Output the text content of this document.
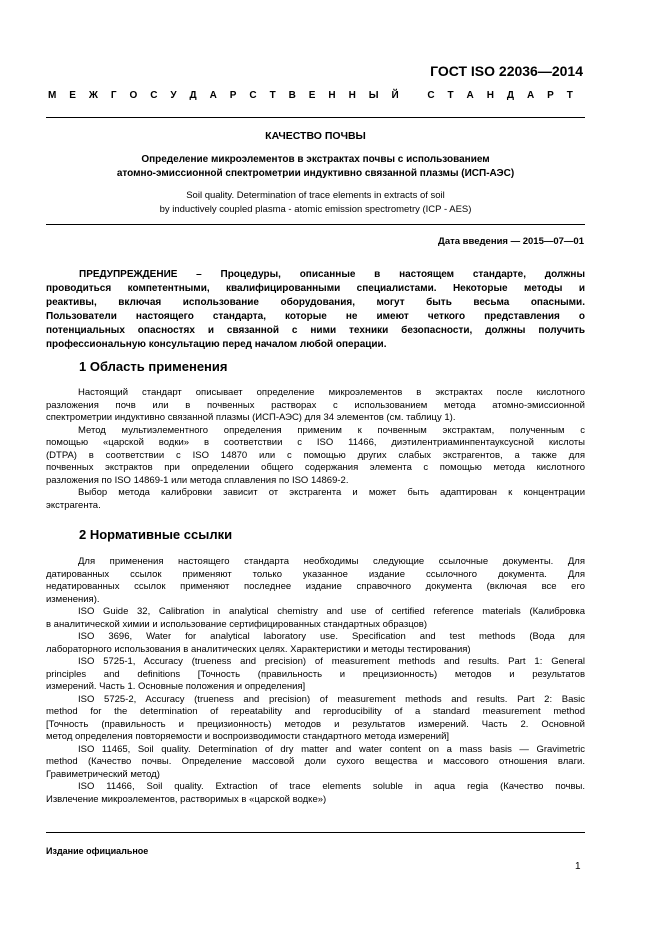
ГОСТ ISO 22036—2014
М Е Ж Г О С У Д А Р С Т В Е Н Н Ы Й
	С Т А Н Д А Р Т
КАЧЕСТВО ПОЧВЫ
Определение микроэлементов в экстрактах почвы с использованием
атомно-эмиссионной спектрометрии индуктивно связанной плазмы (ИСП-АЭС)
Soil quality. Determination of trace elements in extracts of soil
by inductively coupled plasma - atomic emission spectrometry (ICP - AES)
Дата введения — 2015—07—01
ПРЕДУПРЕЖДЕНИЕ – Процедуры, описанные в настоящем стандарте, должны
проводиться компетентными, квалифицированными специалистами. Некоторые методы и
реактивы, включая использование оборудования, могут быть весьма опасными.
Пользователи настоящего стандарта, которые не имеют четкого представления о
потенциальных опасностях и связанной с ними техники безопасности, должны получить
профессиональную консультацию перед началом любой операции.
1 Область применения
Настоящий стандарт описывает определение микроэлементов в экстрактах после кислотного
разложения почв или в почвенных растворах с использованием метода атомно-эмиссионной
спектрометрии индуктивно связанной плазмы (ИСП-АЭС) для 34 элементов (см. таблицу 1).
Метод мультиэлементного определения применим к почвенным экстрактам, полученным с
помощью «царской водки» в соответствии с ISO 11466, диэтилентриаминпентауксусной кислоты
(DTPA) в соответствии с ISO 14870 или с помощью других слабых экстрагентов, а также для
почвенных экстрактов при определении общего содержания элемента с помощью метода кислотного
разложения по ISO 14869-1 или метода сплавления по ISO 14869-2.
Выбор метода калибровки зависит от экстрагента и может быть адаптирован к концентрации
экстрагента.
2 Нормативные ссылки
Для применения настоящего стандарта необходимы следующие ссылочные документы. Для
датированных ссылок применяют только указанное издание ссылочного документа. Для
недатированных ссылок применяют последнее издание справочного документа (включая все его
изменения).
ISO Guide 32, Calibration in analytical chemistry and use of certified reference materials (Калибровка
в аналитической химии и использование сертифицированных стандартных образцов)
ISO 3696, Water for analytical laboratory use. Specification and test methods (Вода для
лабораторного использования в аналитических целях. Характеристики и методы тестирования)
ISO 5725-1, Accuracy (trueness and precision) of measurement methods and results. Part 1: General
principles and definitions [Точность (правильность и прецизионность) методов и результатов
измерений. Часть 1. Основные положения и определения]
ISO 5725-2, Accuracy (trueness and precision) of measurement methods and results. Part 2: Basic
method for the determination of repeatability and reproducibility of a standard measurement method
[Точность (правильность и прецизионность) методов и результатов измерений. Часть 2. Основной
метод определения повторяемости и воспроизводимости стандартного метода измерений]
ISO 11465, Soil quality. Determination of dry matter and water content on a mass basis — Gravimetric
method (Качество почвы. Определение массовой доли сухого вещества и массового отношения влаги.
Гравиметрический метод)
ISO 11466, Soil quality. Extraction of trace elements soluble in aqua regia (Качество почвы.
Извлечение микроэлементов, растворимых в «царской водке»)
Издание официальное
1
